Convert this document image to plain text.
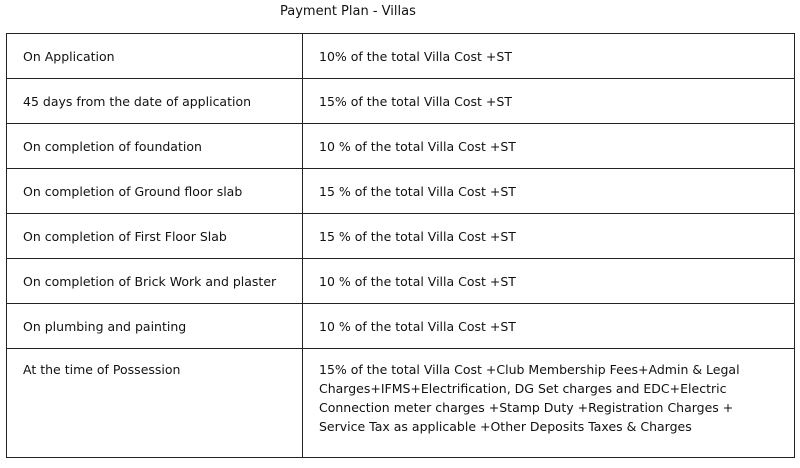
Payment Plan - Villas
On Application	10% of the total Villa Cost +ST
45 days from the date of application	15% of the total Villa Cost +ST
On completion of foundation	10 % of the total Villa Cost +ST
On completion of Ground floor slab	15 % of the total Villa Cost +ST
On completion of First Floor Slab	15 % of the total Villa Cost +ST
On completion of Brick Work and plaster	10 % of the total Villa Cost +ST
On plumbing and painting	10 % of the total Villa Cost +ST
At the time of Possession	15% of the total Villa Cost +Club Membership Fees+Admin & Legal Charges+IFMS+Electrification, DG Set charges and EDC+Electric Connection meter charges +Stamp Duty +Registration Charges + Service Tax as applicable +Other Deposits Taxes & Charges
